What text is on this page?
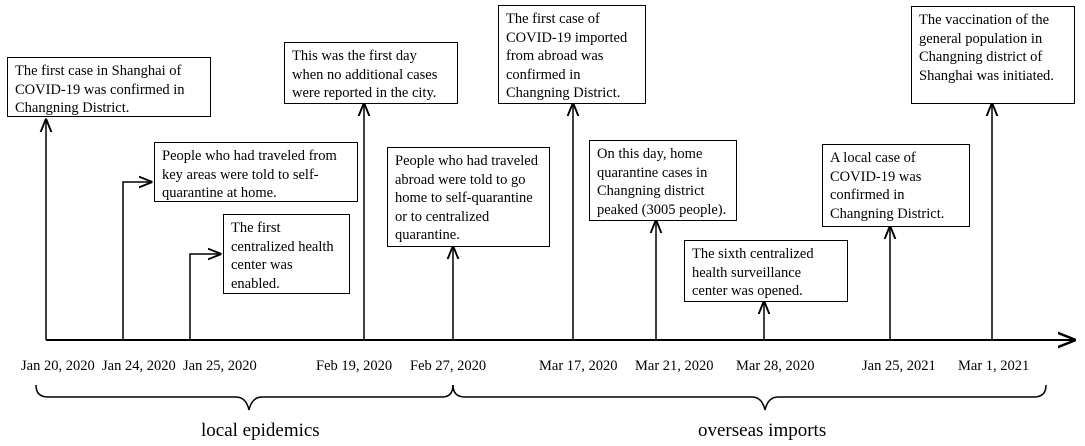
The first case in Shanghai of COVID-19 was confirmed in Changning District.
People who had traveled from key areas were told to self-quarantine at home.
The first centralized health center was enabled.
This was the first day when no additional cases were reported in the city.
People who had traveled abroad were told to go home to self-quarantine or to centralized quarantine.
The first case of COVID-19 imported from abroad was confirmed in Changning District.
On this day, home quarantine cases in Changning district peaked (3005 people).
The sixth centralized health surveillance center was opened.
A local case of COVID-19 was confirmed in Changning District.
The vaccination of the general population in Changning district of Shanghai was initiated.
Jan 20, 2020 Jan 24, 2020 Jan 25, 2020	Feb 19, 2020 Feb 27, 2020	Mar 17, 2020 Mar 21, 2020 Mar 28, 2020	Jan 25, 2021 Mar 1, 2021
local epidemics	overseas imports
